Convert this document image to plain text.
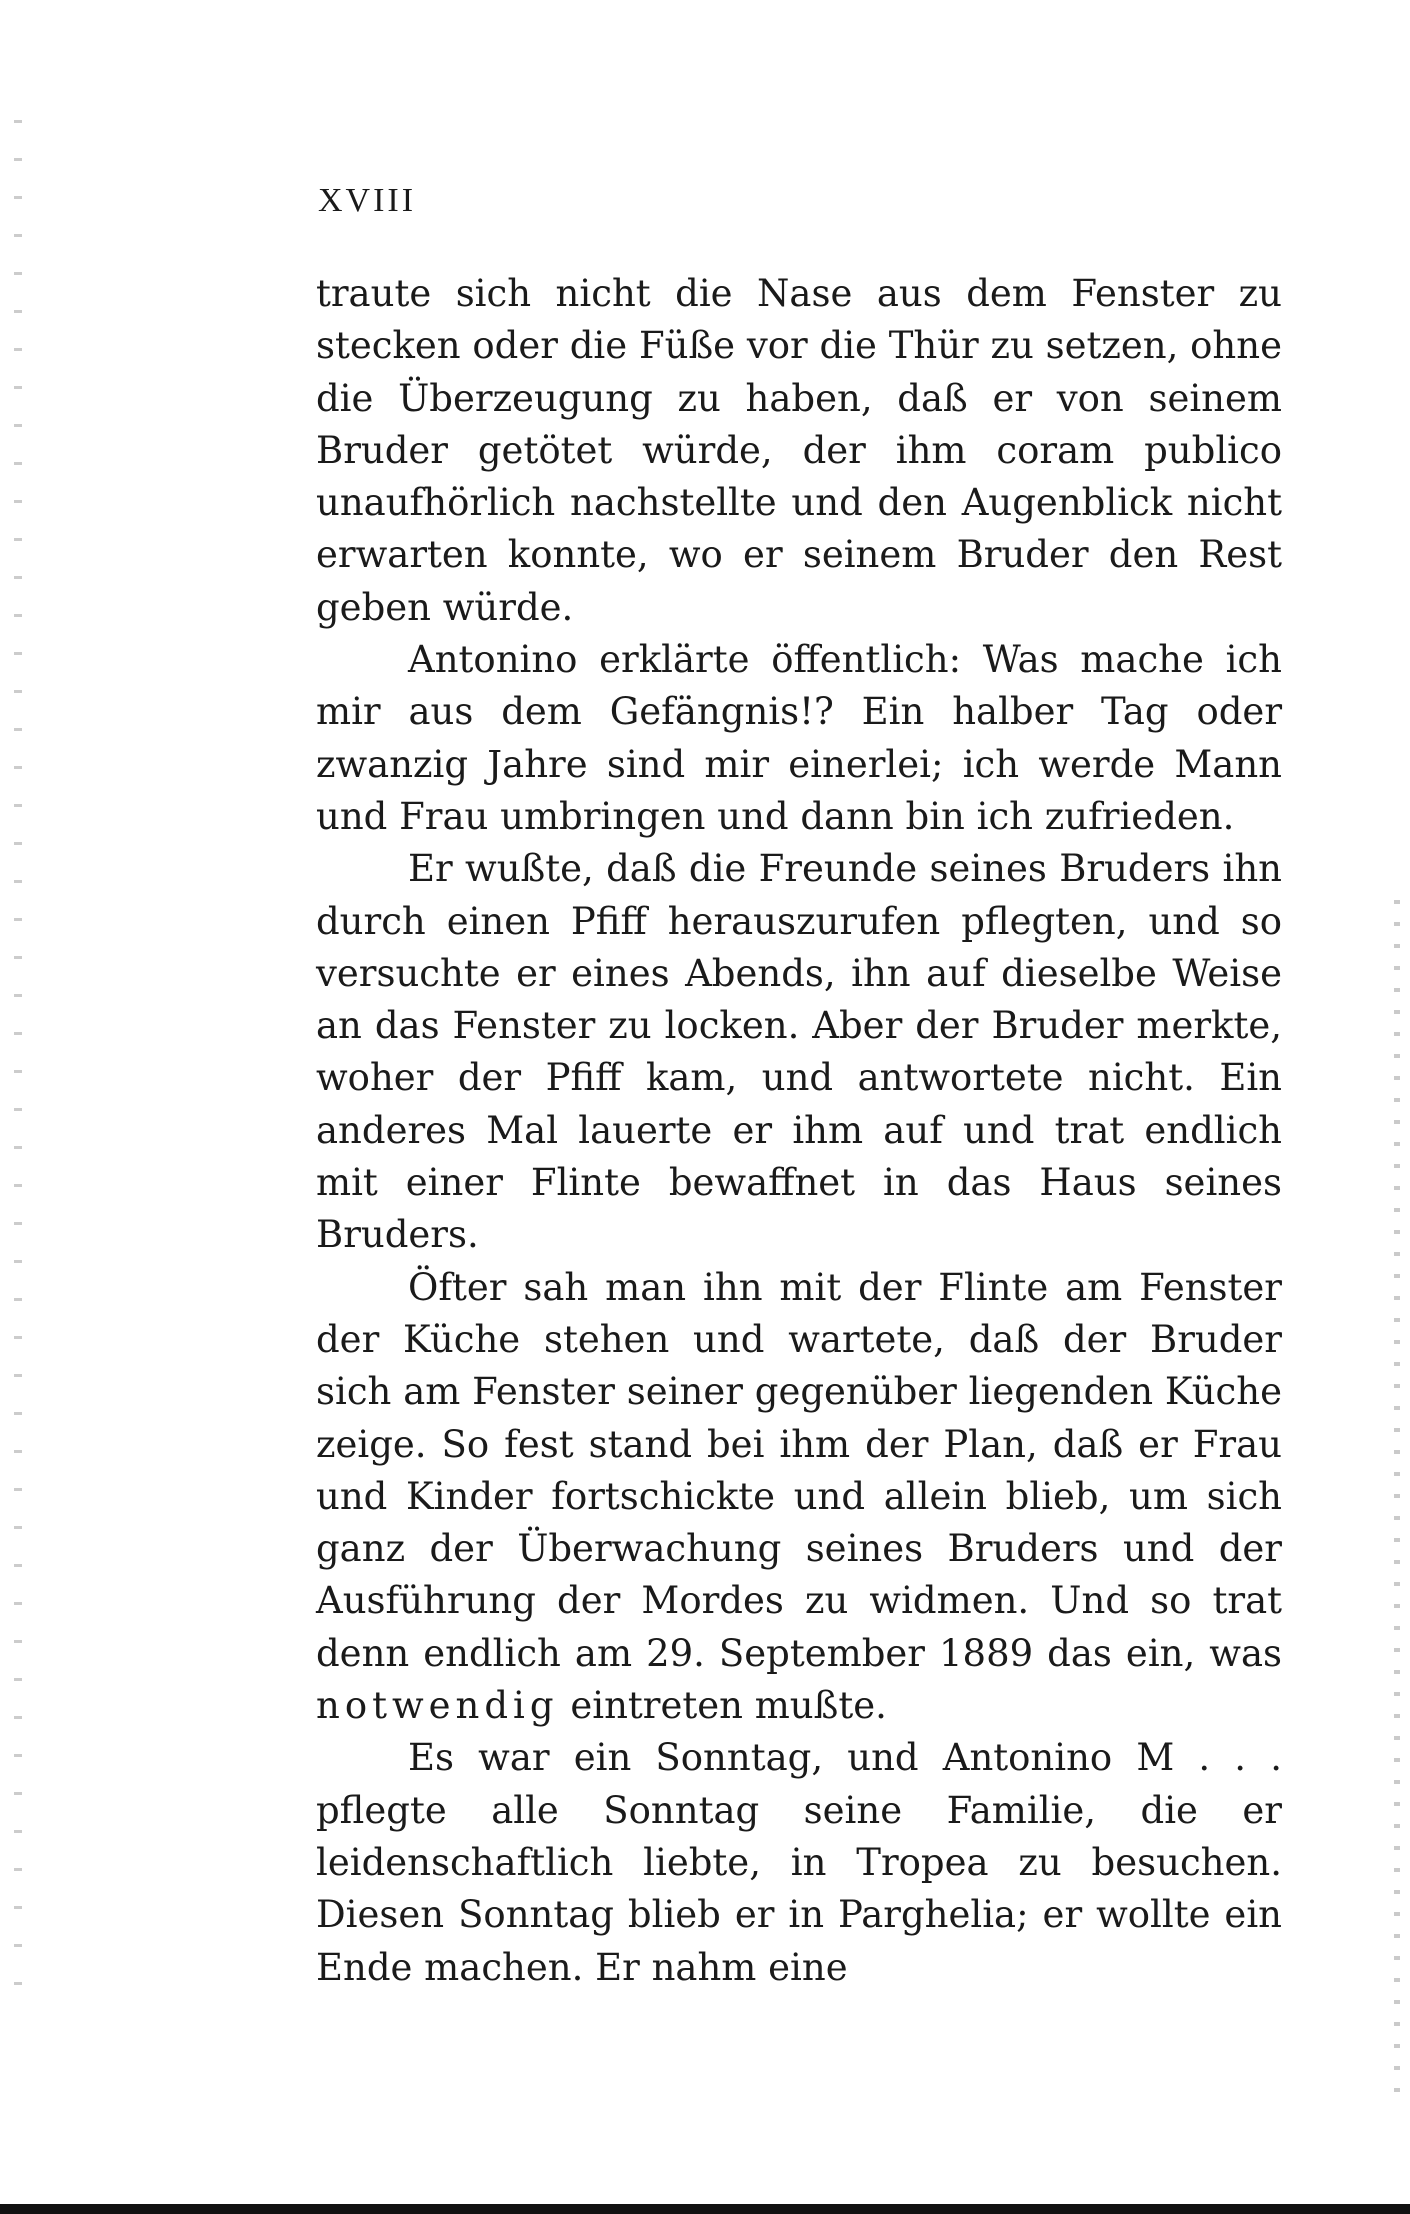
XVIII

traute sich nicht die Nase aus dem Fenster zu stecken oder die Füße vor die Thür zu setzen, ohne die Überzeugung zu haben, daß er von seinem Bruder getötet würde, der ihm coram publico unaufhörlich nachstellte und den Augenblick nicht erwarten konnte, wo er seinem Bruder den Rest geben würde.

Antonino erklärte öffentlich: Was mache ich mir aus dem Gefängnis!? Ein halber Tag oder zwanzig Jahre sind mir einerlei; ich werde Mann und Frau umbringen und dann bin ich zufrieden.

Er wußte, daß die Freunde seines Bruders ihn durch einen Pfiff herauszurufen pflegten, und so versuchte er eines Abends, ihn auf dieselbe Weise an das Fenster zu locken. Aber der Bruder merkte, woher der Pfiff kam, und antwortete nicht. Ein anderes Mal lauerte er ihm auf und trat endlich mit einer Flinte bewaffnet in das Haus seines Bruders.

Öfter sah man ihn mit der Flinte am Fenster der Küche stehen und wartete, daß der Bruder sich am Fenster seiner gegenüber liegenden Küche zeige. So fest stand bei ihm der Plan, daß er Frau und Kinder fortschickte und allein blieb, um sich ganz der Überwachung seines Bruders und der Ausführung der Mordes zu widmen. Und so trat denn endlich am 29. September 1889 das ein, was notwendig eintreten mußte.

Es war ein Sonntag, und Antonino M . . . pflegte alle Sonntag seine Familie, die er leidenschaftlich liebte, in Tropea zu besuchen. Diesen Sonntag blieb er in Parghelia; er wollte ein Ende machen. Er nahm eine
